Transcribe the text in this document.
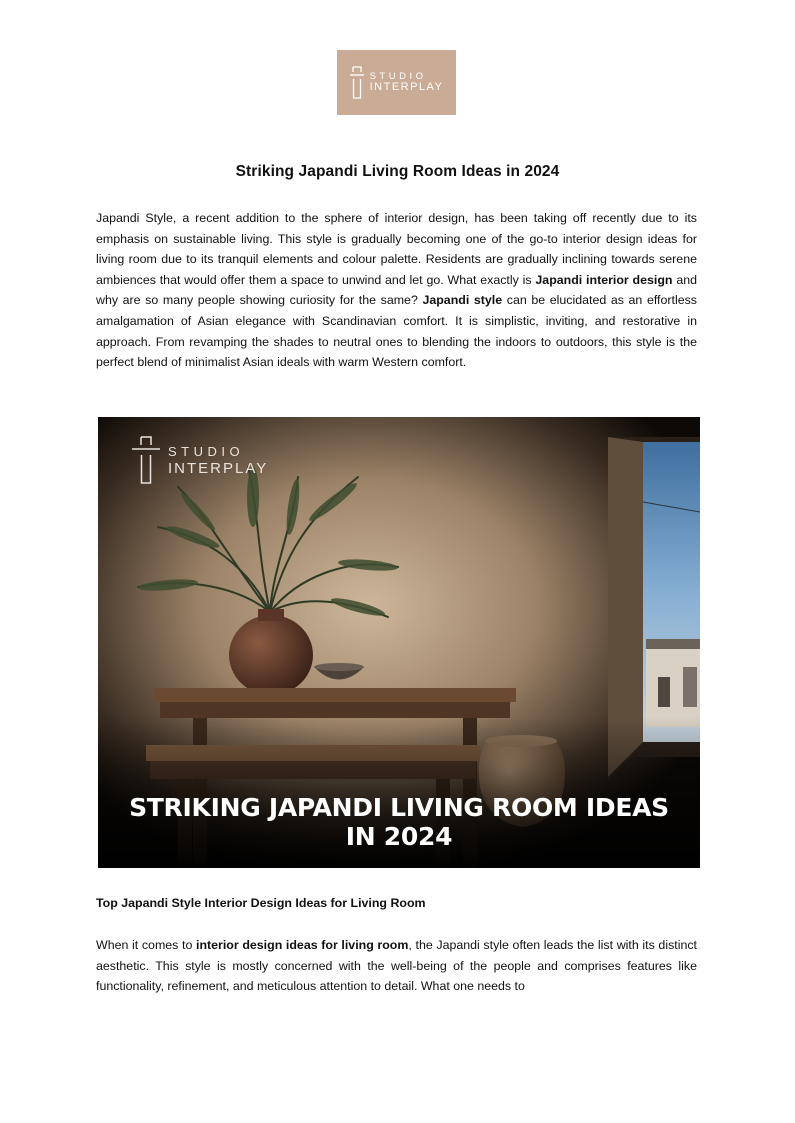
STUDIO
INTERPLAY
Striking Japandi Living Room Ideas in 2024

Japandi Style, a recent addition to the sphere of interior design, has been taking off recently due to its emphasis on sustainable living. This style is gradually becoming one of the go-to interior design ideas for living room due to its tranquil elements and colour palette. Residents are gradually inclining towards serene ambiences that would offer them a space to unwind and let go. What exactly is Japandi interior design and why are so many people showing curiosity for the same? Japandi style can be elucidated as an effortless amalgamation of Asian elegance with Scandinavian comfort. It is simplistic, inviting, and restorative in approach. From revamping the shades to neutral ones to blending the indoors to outdoors, this style is the perfect blend of minimalist Asian ideals with warm Western comfort.

STUDIO
INTERPLAY
STRIKING JAPANDI LIVING ROOM IDEAS
IN 2024
Top Japandi Style Interior Design Ideas for Living Room

When it comes to interior design ideas for living room, the Japandi style often leads the list with its distinct aesthetic. This style is mostly concerned with the well-being of the people and comprises features like functionality, refinement, and meticulous attention to detail. What one needs to
